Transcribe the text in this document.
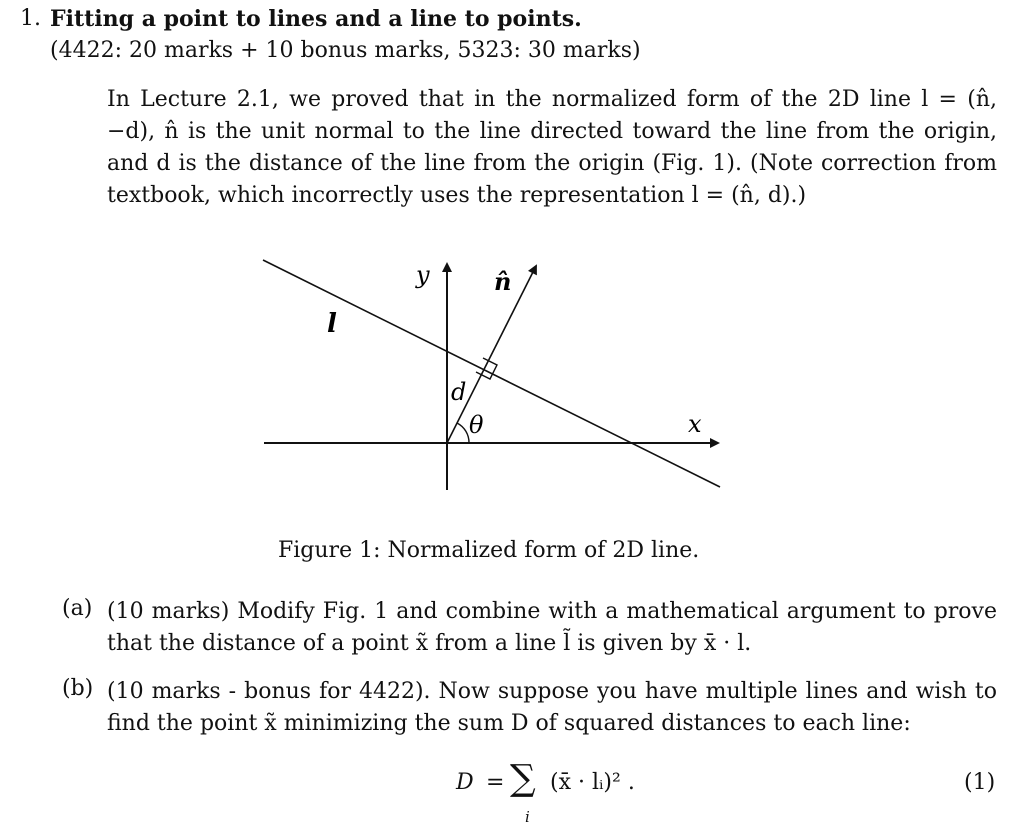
1. Fitting a point to lines and a line to points.
(4422: 20 marks + 10 bonus marks, 5323: 30 marks)
In Lecture 2.1, we proved that in the normalized form of the 2D line l = (n̂, −d), n̂ is the unit normal to the line directed toward the line from the origin, and d is the distance of the line from the origin (Fig. 1). (Note correction from textbook, which incorrectly uses the representation l = (n̂, d).)
y
l
n̂
d
θ	x
Figure 1: Normalized form of 2D line.
(a) (10 marks) Modify Fig. 1 and combine with a mathematical argument to prove that the distance of a point x̃ from a line l̃ is given by x̄ · l.
(b) (10 marks - bonus for 4422). Now suppose you have multiple lines and wish to find the point x̃ minimizing the sum D of squared distances to each line:
D = ∑ (x̄ · lᵢ)² .
i
(1)
